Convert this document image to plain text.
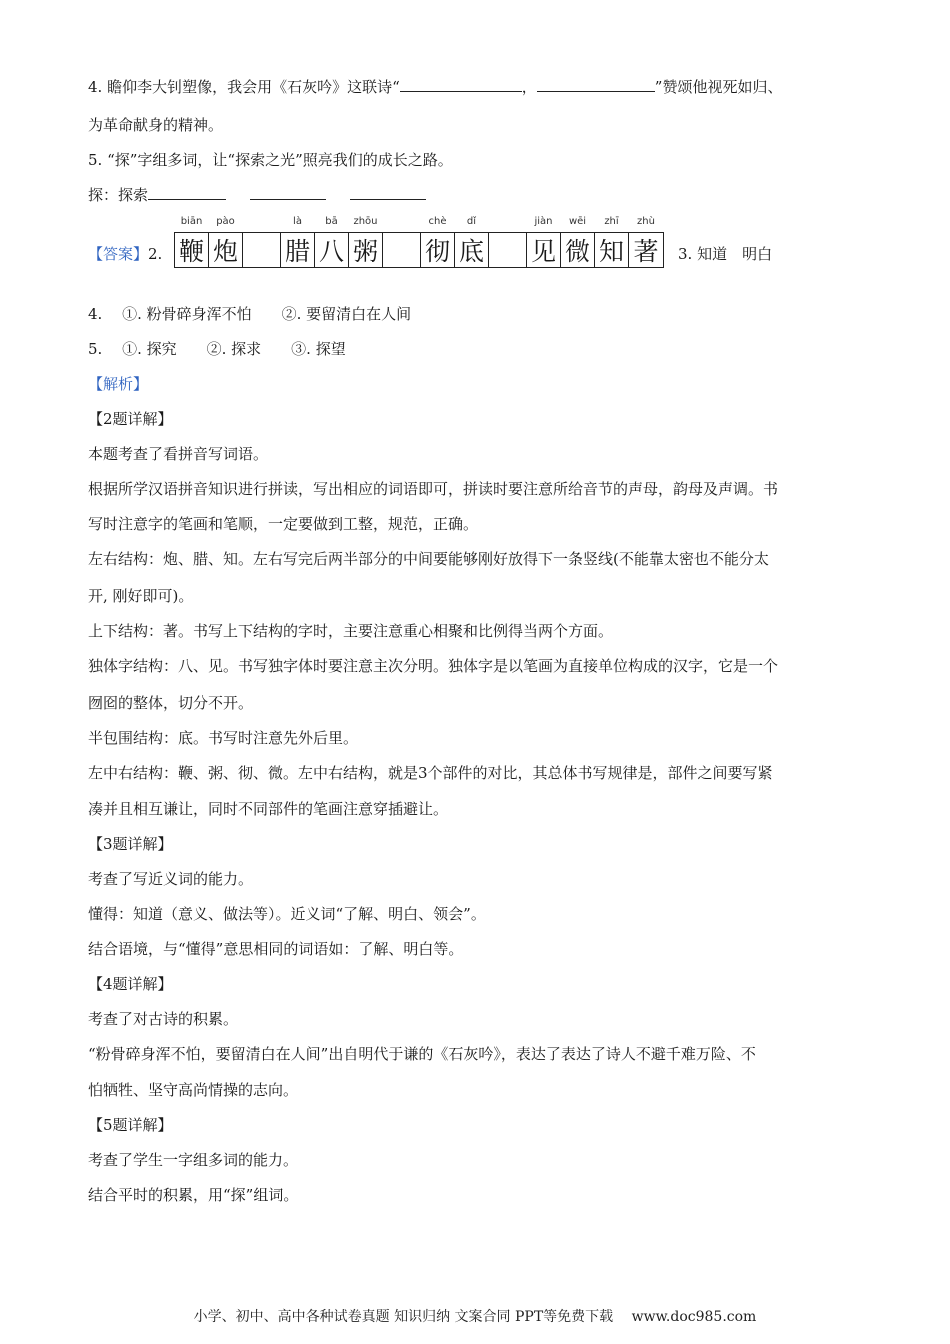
4. 瞻仰李大钊塑像，我会用《石灰吟》这联诗“	，	”赞颂他视死如归、
为革命献身的精神。
5. “探”字组多词，让“探索之光”照亮我们的成长之路。
探：探索
【答案】2.
biān
鞭
pào
炮
là
腊
bā
八
zhōu
粥
chè
彻
dǐ
底
jiàn
见
wēi
微
zhī
知
zhù
著 3. 知道　明白
4.　 ①. 粉骨碎身浑不怕　　②. 要留清白在人间
5.　 ①. 探究　　②. 探求　　③. 探望
【解析】
【2题详解】
本题考查了看拼音写词语。
根据所学汉语拼音知识进行拼读，写出相应的词语即可，拼读时要注意所给音节的声母，韵母及声调。书
写时注意字的笔画和笔顺，一定要做到工整，规范，正确。
左右结构：炮、腊、知。左右写完后两半部分的中间要能够刚好放得下一条竖线(不能靠太密也不能分太
开, 刚好即可)。
上下结构：著。书写上下结构的字时，主要注意重心相聚和比例得当两个方面。
独体字结构：八、见。书写独字体时要注意主次分明。独体字是以笔画为直接单位构成的汉字，它是一个
囫囵的整体，切分不开。
半包围结构：底。书写时注意先外后里。
左中右结构：鞭、粥、彻、微。左中右结构，就是3个部件的对比，其总体书写规律是，部件之间要写紧
凑并且相互谦让，同时不同部件的笔画注意穿插避让。
【3题详解】
考查了写近义词的能力。
懂得：知道（意义、做法等）。近义词“了解、明白、领会”。
结合语境，与“懂得”意思相同的词语如：了解、明白等。
【4题详解】
考查了对古诗的积累。
“粉骨碎身浑不怕，要留清白在人间”出自明代于谦的《石灰吟》，表达了表达了诗人不避千难万险、不
怕牺牲、坚守高尚情操的志向。
【5题详解】
考查了学生一字组多词的能力。
结合平时的积累，用“探”组词。
小学、初中、高中各种试卷真题 知识归纳 文案合同 PPT等免费下载　 www.doc985.com
